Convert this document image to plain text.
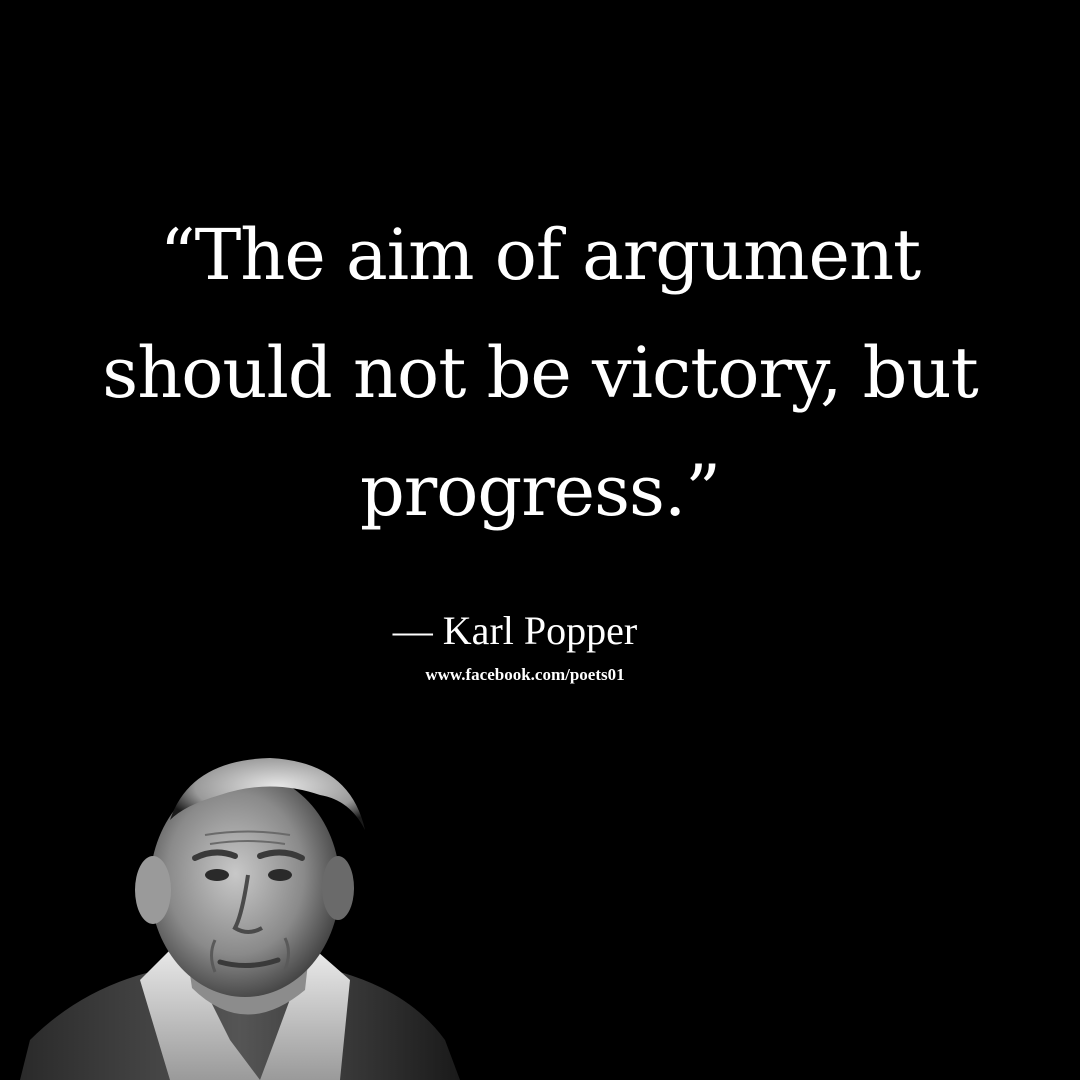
“The aim of argument
should not be victory, but
progress.”
— Karl Popper
www.facebook.com/poets01
